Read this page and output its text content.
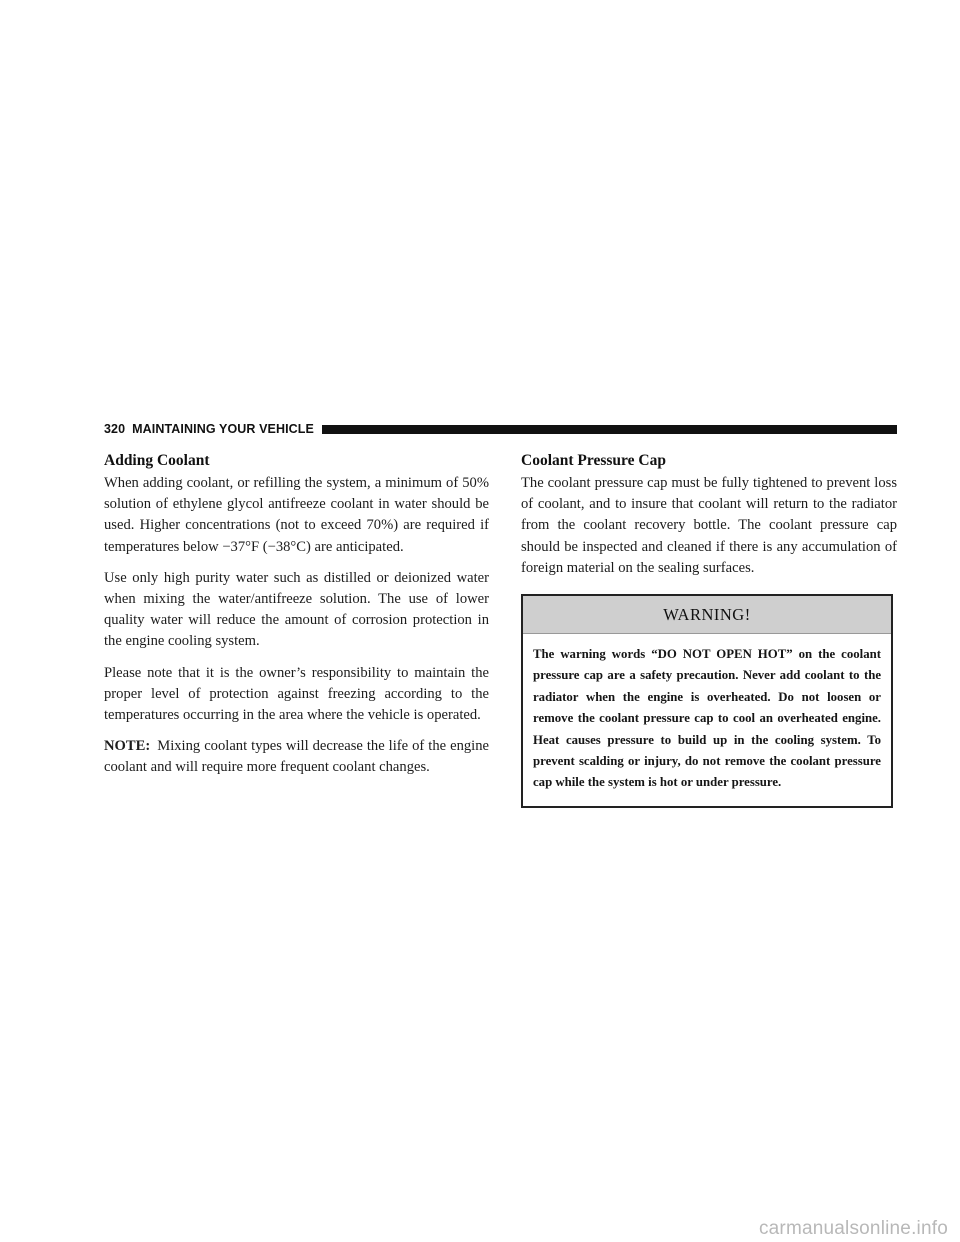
320 MAINTAINING YOUR VEHICLE
Adding Coolant

When adding coolant, or refilling the system, a minimum of 50% solution of ethylene glycol antifreeze coolant in water should be used. Higher concentrations (not to exceed 70%) are required if temperatures below −37°F (−38°C) are anticipated.

Use only high purity water such as distilled or deionized water when mixing the water/antifreeze solution. The use of lower quality water will reduce the amount of corrosion protection in the engine cooling system.

Please note that it is the owner’s responsibility to maintain the proper level of protection against freezing according to the temperatures occurring in the area where the vehicle is operated.

NOTE: Mixing coolant types will decrease the life of the engine coolant and will require more frequent coolant changes.

Coolant Pressure Cap

The coolant pressure cap must be fully tightened to prevent loss of coolant, and to insure that coolant will return to the radiator from the coolant recovery bottle. The coolant pressure cap should be inspected and cleaned if there is any accumulation of foreign material on the sealing surfaces.

WARNING!
The warning words “DO NOT OPEN HOT” on the coolant pressure cap are a safety precaution. Never add coolant to the radiator when the engine is overheated. Do not loosen or remove the coolant pressure cap to cool an overheated engine. Heat causes pressure to build up in the cooling system. To prevent scalding or injury, do not remove the coolant pressure cap while the system is hot or under pressure.
carmanualsonline.info
